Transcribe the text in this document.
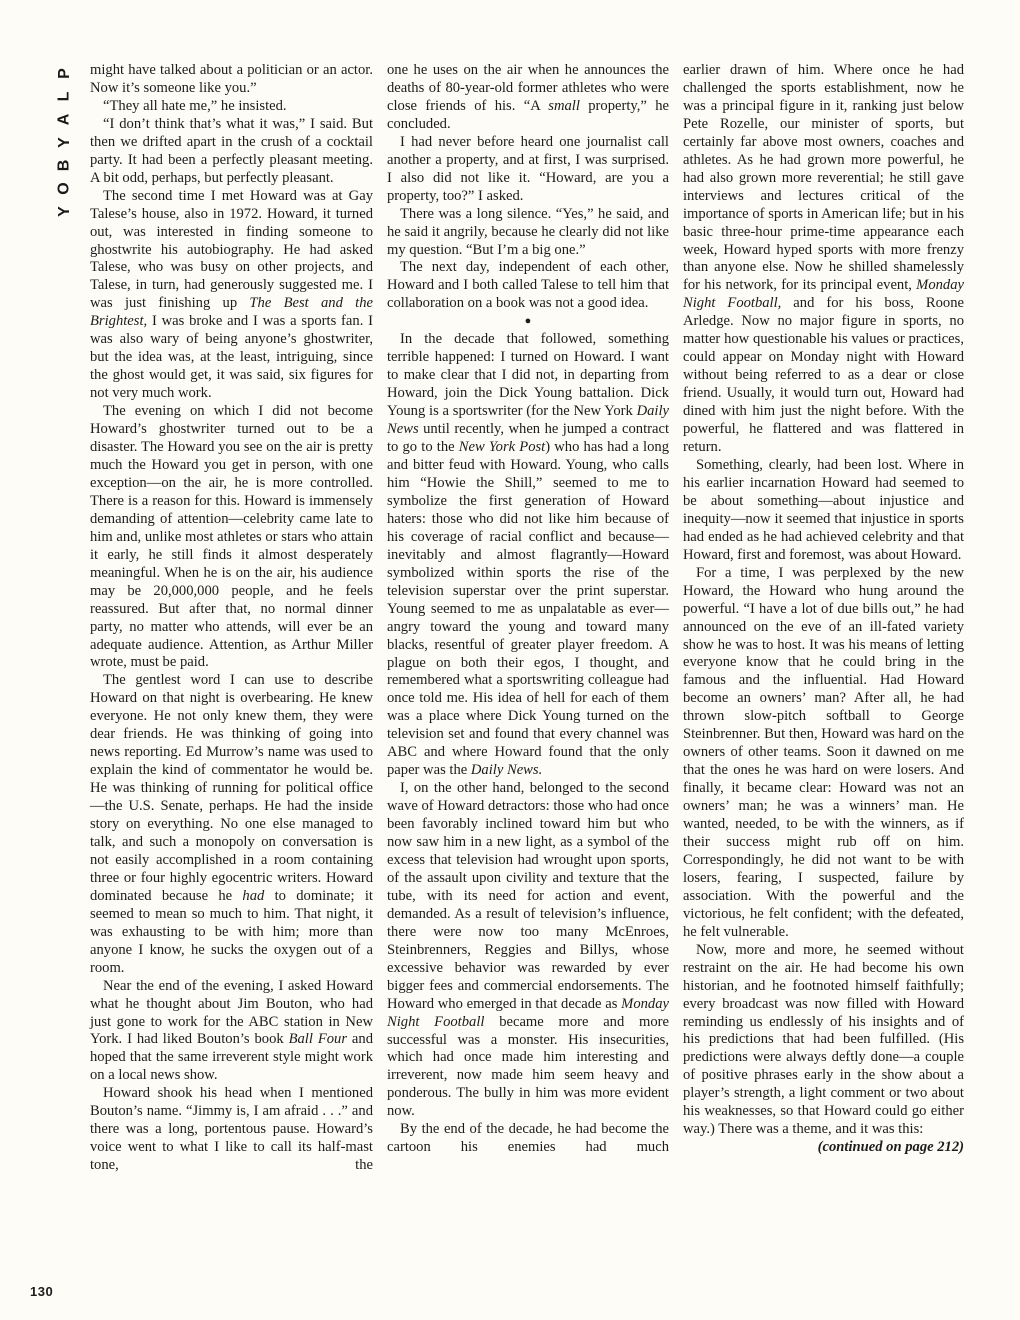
P
L
A
Y
B
O
Y

might have talked about a politician or an actor. Now it’s someone like you.”

“They all hate me,” he insisted.

“I don’t think that’s what it was,” I said. But then we drifted apart in the crush of a cocktail party. It had been a perfectly pleasant meeting. A bit odd, perhaps, but perfectly pleasant.

The second time I met Howard was at Gay Talese’s house, also in 1972. Howard, it turned out, was interested in finding someone to ghostwrite his autobiography. He had asked Talese, who was busy on other projects, and Talese, in turn, had generously suggested me. I was just finishing up The Best and the Brightest, I was broke and I was a sports fan. I was also wary of being anyone’s ghostwriter, but the idea was, at the least, intriguing, since the ghost would get, it was said, six figures for not very much work.

The evening on which I did not become Howard’s ghostwriter turned out to be a disaster. The Howard you see on the air is pretty much the Howard you get in person, with one exception—on the air, he is more controlled. There is a reason for this. Howard is immensely demanding of attention—celebrity came late to him and, unlike most athletes or stars who attain it early, he still finds it almost desperately meaningful. When he is on the air, his audience may be 20,000,000 people, and he feels reassured. But after that, no normal dinner party, no matter who attends, will ever be an adequate audience. Attention, as Arthur Miller wrote, must be paid.

The gentlest word I can use to describe Howard on that night is overbearing. He knew everyone. He not only knew them, they were dear friends. He was thinking of going into news reporting. Ed Murrow’s name was used to explain the kind of commentator he would be. He was thinking of running for political office—the U.S. Senate, perhaps. He had the inside story on everything. No one else managed to talk, and such a monopoly on conversation is not easily accomplished in a room containing three or four highly egocentric writers. Howard dominated because he had to dominate; it seemed to mean so much to him. That night, it was exhausting to be with him; more than anyone I know, he sucks the oxygen out of a room.

Near the end of the evening, I asked Howard what he thought about Jim Bouton, who had just gone to work for the ABC station in New York. I had liked Bouton’s book Ball Four and hoped that the same irreverent style might work on a local news show.

Howard shook his head when I mentioned Bouton’s name. “Jimmy is, I am afraid . . .” and there was a long, portentous pause. Howard’s voice went to what I like to call its half-mast tone, the

one he uses on the air when he announces the deaths of 80-year-old former athletes who were close friends of his. “A small property,” he concluded.

I had never before heard one journalist call another a property, and at first, I was surprised. I also did not like it. “Howard, are you a property, too?” I asked.

There was a long silence. “Yes,” he said, and he said it angrily, because he clearly did not like my question. “But I’m a big one.”

The next day, independent of each other, Howard and I both called Talese to tell him that collaboration on a book was not a good idea.

●

In the decade that followed, something terrible happened: I turned on Howard. I want to make clear that I did not, in departing from Howard, join the Dick Young battalion. Dick Young is a sportswriter (for the New York Daily News until recently, when he jumped a contract to go to the New York Post) who has had a long and bitter feud with Howard. Young, who calls him “Howie the Shill,” seemed to me to symbolize the first generation of Howard haters: those who did not like him because of his coverage of racial conflict and because—inevitably and almost flagrantly—Howard symbolized within sports the rise of the television superstar over the print superstar. Young seemed to me as unpalatable as ever—angry toward the young and toward many blacks, resentful of greater player freedom. A plague on both their egos, I thought, and remembered what a sportswriting colleague had once told me. His idea of hell for each of them was a place where Dick Young turned on the television set and found that every channel was ABC and where Howard found that the only paper was the Daily News.

I, on the other hand, belonged to the second wave of Howard detractors: those who had once been favorably inclined toward him but who now saw him in a new light, as a symbol of the excess that television had wrought upon sports, of the assault upon civility and texture that the tube, with its need for action and event, demanded. As a result of television’s influence, there were now too many McEnroes, Steinbrenners, Reggies and Billys, whose excessive behavior was rewarded by ever bigger fees and commercial endorsements. The Howard who emerged in that decade as Monday Night Football became more and more successful was a monster. His insecurities, which had once made him interesting and irreverent, now made him seem heavy and ponderous. The bully in him was more evident now.

By the end of the decade, he had become the cartoon his enemies had much

earlier drawn of him. Where once he had challenged the sports establishment, now he was a principal figure in it, ranking just below Pete Rozelle, our minister of sports, but certainly far above most owners, coaches and athletes. As he had grown more powerful, he had also grown more reverential; he still gave interviews and lectures critical of the importance of sports in American life; but in his basic three-hour prime-time appearance each week, Howard hyped sports with more frenzy than anyone else. Now he shilled shamelessly for his network, for its principal event, Monday Night Football, and for his boss, Roone Arledge. Now no major figure in sports, no matter how questionable his values or practices, could appear on Monday night with Howard without being referred to as a dear or close friend. Usually, it would turn out, Howard had dined with him just the night before. With the powerful, he flattered and was flattered in return.

Something, clearly, had been lost. Where in his earlier incarnation Howard had seemed to be about something—about injustice and inequity—now it seemed that injustice in sports had ended as he had achieved celebrity and that Howard, first and foremost, was about Howard.

For a time, I was perplexed by the new Howard, the Howard who hung around the powerful. “I have a lot of due bills out,” he had announced on the eve of an ill-fated variety show he was to host. It was his means of letting everyone know that he could bring in the famous and the influential. Had Howard become an owners’ man? After all, he had thrown slow-pitch softball to George Steinbrenner. But then, Howard was hard on the owners of other teams. Soon it dawned on me that the ones he was hard on were losers. And finally, it became clear: Howard was not an owners’ man; he was a winners’ man. He wanted, needed, to be with the winners, as if their success might rub off on him. Correspondingly, he did not want to be with losers, fearing, I suspected, failure by association. With the powerful and the victorious, he felt confident; with the defeated, he felt vulnerable.

Now, more and more, he seemed without restraint on the air. He had become his own historian, and he footnoted himself faithfully; every broadcast was now filled with Howard reminding us endlessly of his insights and of his predictions that had been fulfilled. (His predictions were always deftly done—a couple of positive phrases early in the show about a player’s strength, a light comment or two about his weaknesses, so that Howard could go either way.) There was a theme, and it was this:

(continued on page 212)

130
